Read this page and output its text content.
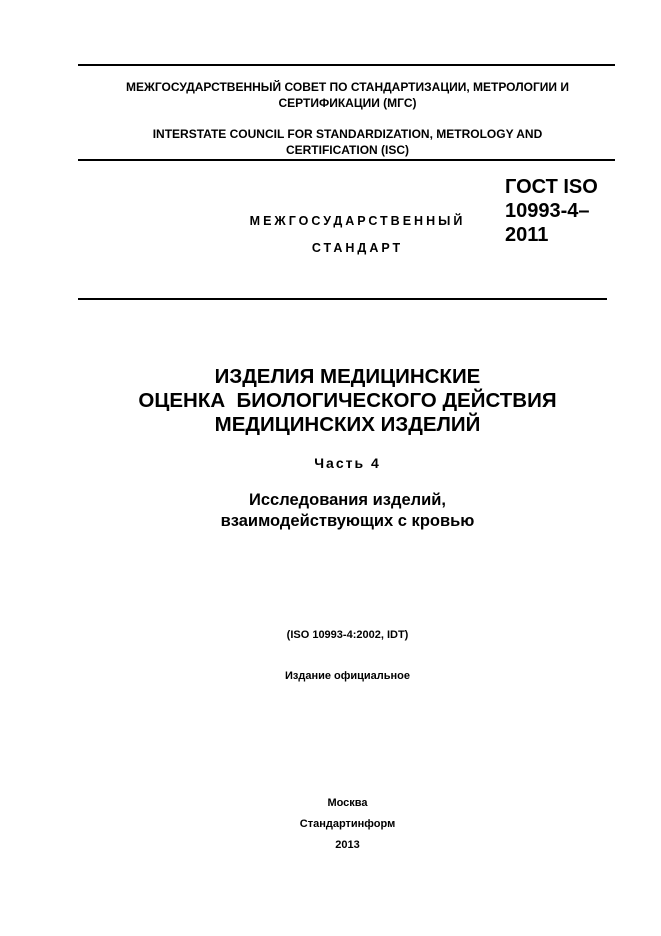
МЕЖГОСУДАРСТВЕННЫЙ СОВЕТ ПО СТАНДАРТИЗАЦИИ, МЕТРОЛОГИИ И
СЕРТИФИКАЦИИ (МГС)
INTERSTATE COUNCIL FOR STANDARDIZATION, METROLOGY AND
CERTIFICATION (ISC)
МЕЖГОСУДАРСТВЕННЫЙ
СТАНДАРТ
ГОСТ ISO
10993-4–
2011
ИЗДЕЛИЯ МЕДИЦИНСКИЕ
ОЦЕНКА  БИОЛОГИЧЕСКОГО ДЕЙСТВИЯ
МЕДИЦИНСКИХ ИЗДЕЛИЙ
Часть 4
Исследования изделий,
взаимодействующих с кровью
(ISO 10993-4:2002, IDT)
Издание официальное
Москва
Стандартинформ
2013
